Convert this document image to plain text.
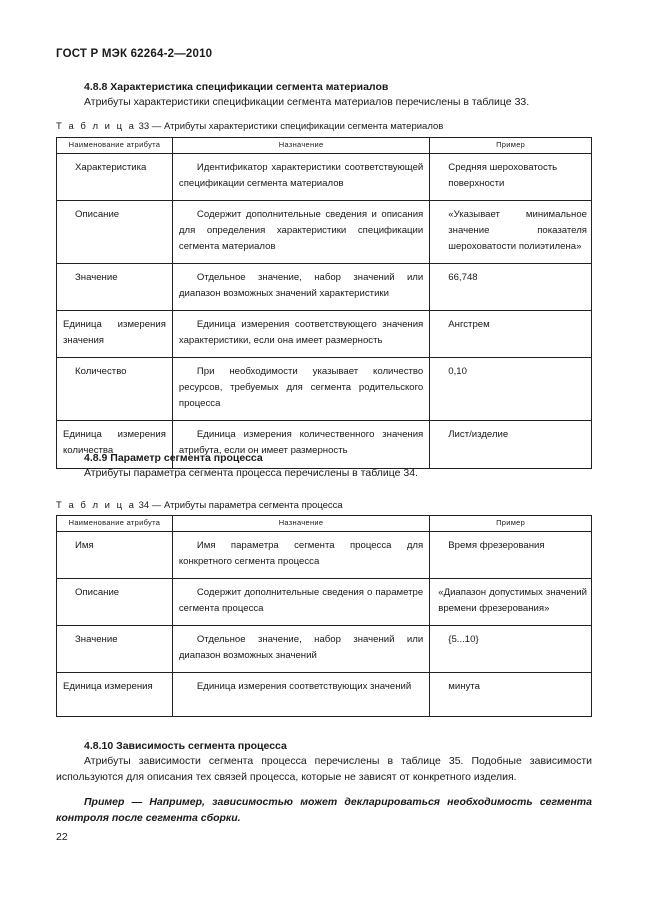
ГОСТ Р МЭК 62264-2—2010
4.8.8 Характеристика спецификации сегмента материалов
Атрибуты характеристики спецификации сегмента материалов перечислены в таблице 33.
Т а б л и ц а 33 — Атрибуты характеристики спецификации сегмента материалов
Наименование атрибута	Назначение	Пример

Характеристика	Идентификатор характеристики соответствующей спецификации сегмента материалов	Средняя шероховатость поверхности

Описание	Содержит дополнительные сведения и описания для определения характеристики спецификации сегмента материалов	«Указывает минимальное значение показателя шероховатости полиэтилена»

Значение	Отдельное значение, набор значений или диапазон возможных значений характеристики	66,748

Единица измерения значения	Единица измерения соответствующего значения характеристики, если она имеет размерность	Ангстрем

Количество	При необходимости указывает количество ресурсов, требуемых для сегмента родительского процесса	0,10

Единица измерения количества	Единица измерения количественного значения атрибута, если он имеет размерность	Лист/изделие
4.8.9 Параметр сегмента процесса
Атрибуты параметра сегмента процесса перечислены в таблице 34.
Т а б л и ц а 34 — Атрибуты параметра сегмента процесса
Наименование атрибута	Назначение	Пример

Имя	Имя параметра сегмента процесса для конкретного сегмента процесса	Время фрезерования

Описание	Содержит дополнительные сведения о параметре сегмента процесса	«Диапазон допустимых значений времени фрезерования»

Значение	Отдельное значение, набор значений или диапазон возможных значений	{5...10}

Единица измерения	Единица измерения соответствующих значений	минута
4.8.10 Зависимость сегмента процесса
Атрибуты зависимости сегмента процесса перечислены в таблице 35. Подобные зависимости используются для описания тех связей процесса, которые не зависят от конкретного изделия.
Пример — Например, зависимостью может декларироваться необходимость сегмента контроля после сегмента сборки.
22
